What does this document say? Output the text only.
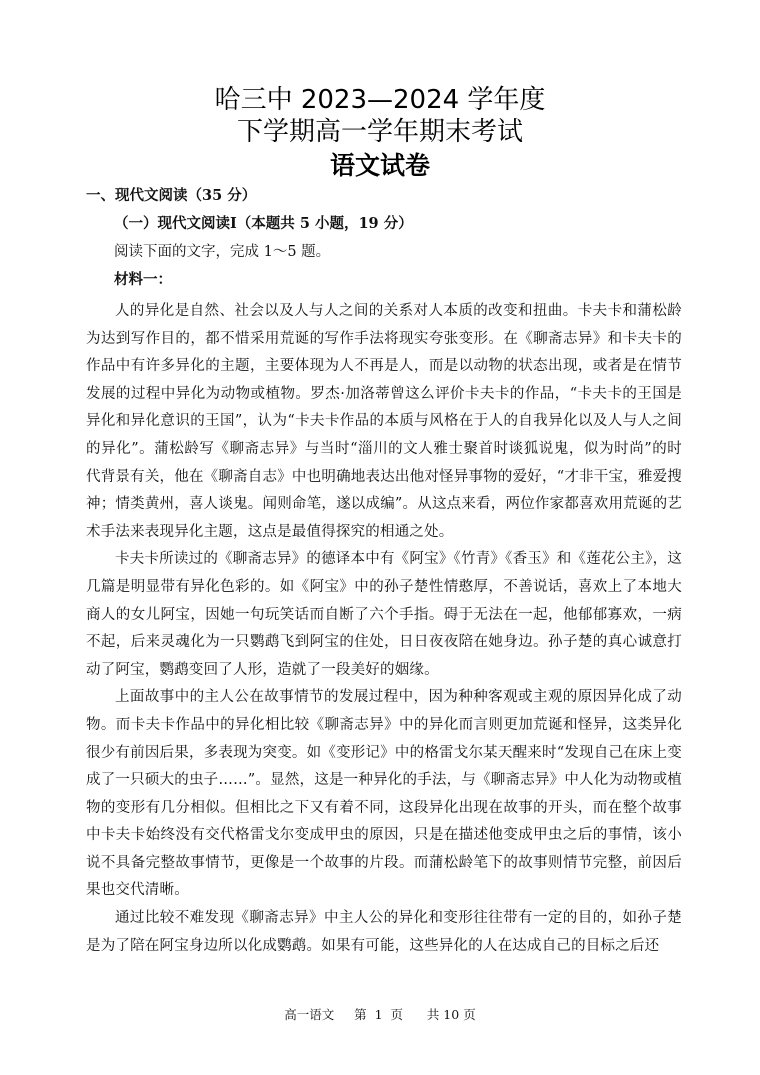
哈三中 2023—2024 学年度
下学期高一学年期末考试
语文试卷
一、现代文阅读（35 分）
（一）现代文阅读Ⅰ（本题共 5 小题，19 分）
阅读下面的文字，完成 1～5 题。
材料一：

人的异化是自然、社会以及人与人之间的关系对人本质的改变和扭曲。卡夫卡和蒲松龄为达到写作目的，都不惜采用荒诞的写作手法将现实夸张变形。在《聊斋志异》和卡夫卡的作品中有许多异化的主题，主要体现为人不再是人，而是以动物的状态出现，或者是在情节发展的过程中异化为动物或植物。罗杰·加洛蒂曾这么评价卡夫卡的作品，“卡夫卡的王国是异化和异化意识的王国”，认为“卡夫卡作品的本质与风格在于人的自我异化以及人与人之间的异化”。蒲松龄写《聊斋志异》与当时“淄川的文人雅士聚首时谈狐说鬼，似为时尚”的时代背景有关，他在《聊斋自志》中也明确地表达出他对怪异事物的爱好，“才非干宝，雅爱搜神；情类黄州，喜人谈鬼。闻则命笔，遂以成编”。从这点来看，两位作家都喜欢用荒诞的艺术手法来表现异化主题，这点是最值得探究的相通之处。

卡夫卡所读过的《聊斋志异》的德译本中有《阿宝》《竹青》《香玉》和《莲花公主》，这几篇是明显带有异化色彩的。如《阿宝》中的孙子楚性情憨厚，不善说话，喜欢上了本地大商人的女儿阿宝，因她一句玩笑话而自断了六个手指。碍于无法在一起，他郁郁寡欢，一病不起，后来灵魂化为一只鹦鹉飞到阿宝的住处，日日夜夜陪在她身边。孙子楚的真心诚意打动了阿宝，鹦鹉变回了人形，造就了一段美好的姻缘。

上面故事中的主人公在故事情节的发展过程中，因为种种客观或主观的原因异化成了动物。而卡夫卡作品中的异化相比较《聊斋志异》中的异化而言则更加荒诞和怪异，这类异化很少有前因后果，多表现为突变。如《变形记》中的格雷戈尔某天醒来时“发现自己在床上变成了一只硕大的虫子……”。显然，这是一种异化的手法，与《聊斋志异》中人化为动物或植物的变形有几分相似。但相比之下又有着不同，这段异化出现在故事的开头，而在整个故事中卡夫卡始终没有交代格雷戈尔变成甲虫的原因，只是在描述他变成甲虫之后的事情，该小说不具备完整故事情节，更像是一个故事的片段。而蒲松龄笔下的故事则情节完整，前因后果也交代清晰。

通过比较不难发现《聊斋志异》中主人公的异化和变形往往带有一定的目的，如孙子楚是为了陪在阿宝身边所以化成鹦鹉。如果有可能，这些异化的人在达成自己的目标之后还

高一语文     第  1  页      共 10 页
